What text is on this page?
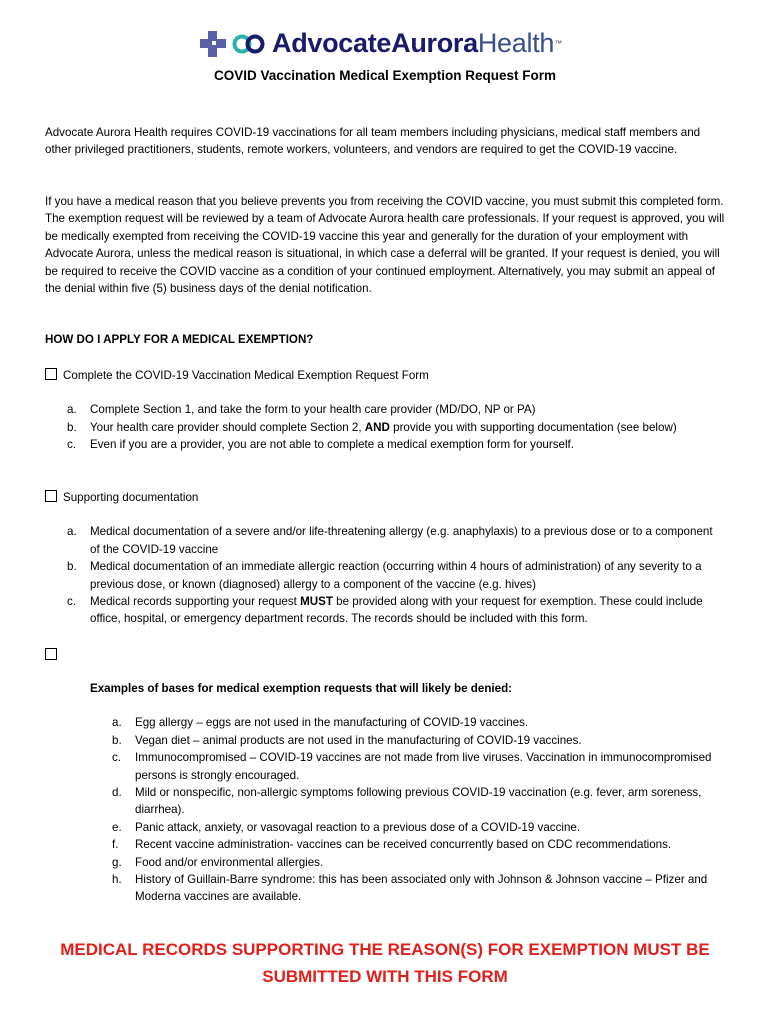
AdvocateAuroraHealth™
COVID Vaccination Medical Exemption Request Form

Advocate Aurora Health requires COVID-19 vaccinations for all team members including physicians, medical staff members and other privileged practitioners, students, remote workers, volunteers, and vendors are required to get the COVID-19 vaccine.

If you have a medical reason that you believe prevents you from receiving the COVID vaccine, you must submit this completed form. The exemption request will be reviewed by a team of Advocate Aurora health care professionals. If your request is approved, you will be medically exempted from receiving the COVID-19 vaccine this year and generally for the duration of your employment with Advocate Aurora, unless the medical reason is situational, in which case a deferral will be granted. If your request is denied, you will be required to receive the COVID vaccine as a condition of your continued employment. Alternatively, you may submit an appeal of the denial within five (5) business days of the denial notification.

HOW DO I APPLY FOR A MEDICAL EXEMPTION?
Complete the COVID-19 Vaccination Medical Exemption Request Form
a. Complete Section 1, and take the form to your health care provider (MD/DO, NP or PA)
b. Your health care provider should complete Section 2, AND provide you with supporting documentation (see below)
c. Even if you are a provider, you are not able to complete a medical exemption form for yourself.
Supporting documentation
a. Medical documentation of a severe and/or life-threatening allergy (e.g. anaphylaxis) to a previous dose or to a component of the COVID-19 vaccine
b. Medical documentation of an immediate allergic reaction (occurring within 4 hours of administration) of any severity to a previous dose, or known (diagnosed) allergy to a component of the vaccine (e.g. hives)
c. Medical records supporting your request MUST be provided along with your request for exemption. These could include office, hospital, or emergency department records. The records should be included with this form.
Examples of bases for medical exemption requests that will likely be denied:
a. Egg allergy – eggs are not used in the manufacturing of COVID-19 vaccines.
b. Vegan diet – animal products are not used in the manufacturing of COVID-19 vaccines.
c. Immunocompromised – COVID-19 vaccines are not made from live viruses. Vaccination in immunocompromised persons is strongly encouraged.
d. Mild or nonspecific, non-allergic symptoms following previous COVID-19 vaccination (e.g. fever, arm soreness, diarrhea).
e. Panic attack, anxiety, or vasovagal reaction to a previous dose of a COVID-19 vaccine.
f. Recent vaccine administration- vaccines can be received concurrently based on CDC recommendations.
g. Food and/or environmental allergies.
h. History of Guillain-Barre syndrome: this has been associated only with Johnson & Johnson vaccine – Pfizer and Moderna vaccines are available.
MEDICAL RECORDS SUPPORTING THE REASON(S) FOR EXEMPTION MUST BE
SUBMITTED WITH THIS FORM
